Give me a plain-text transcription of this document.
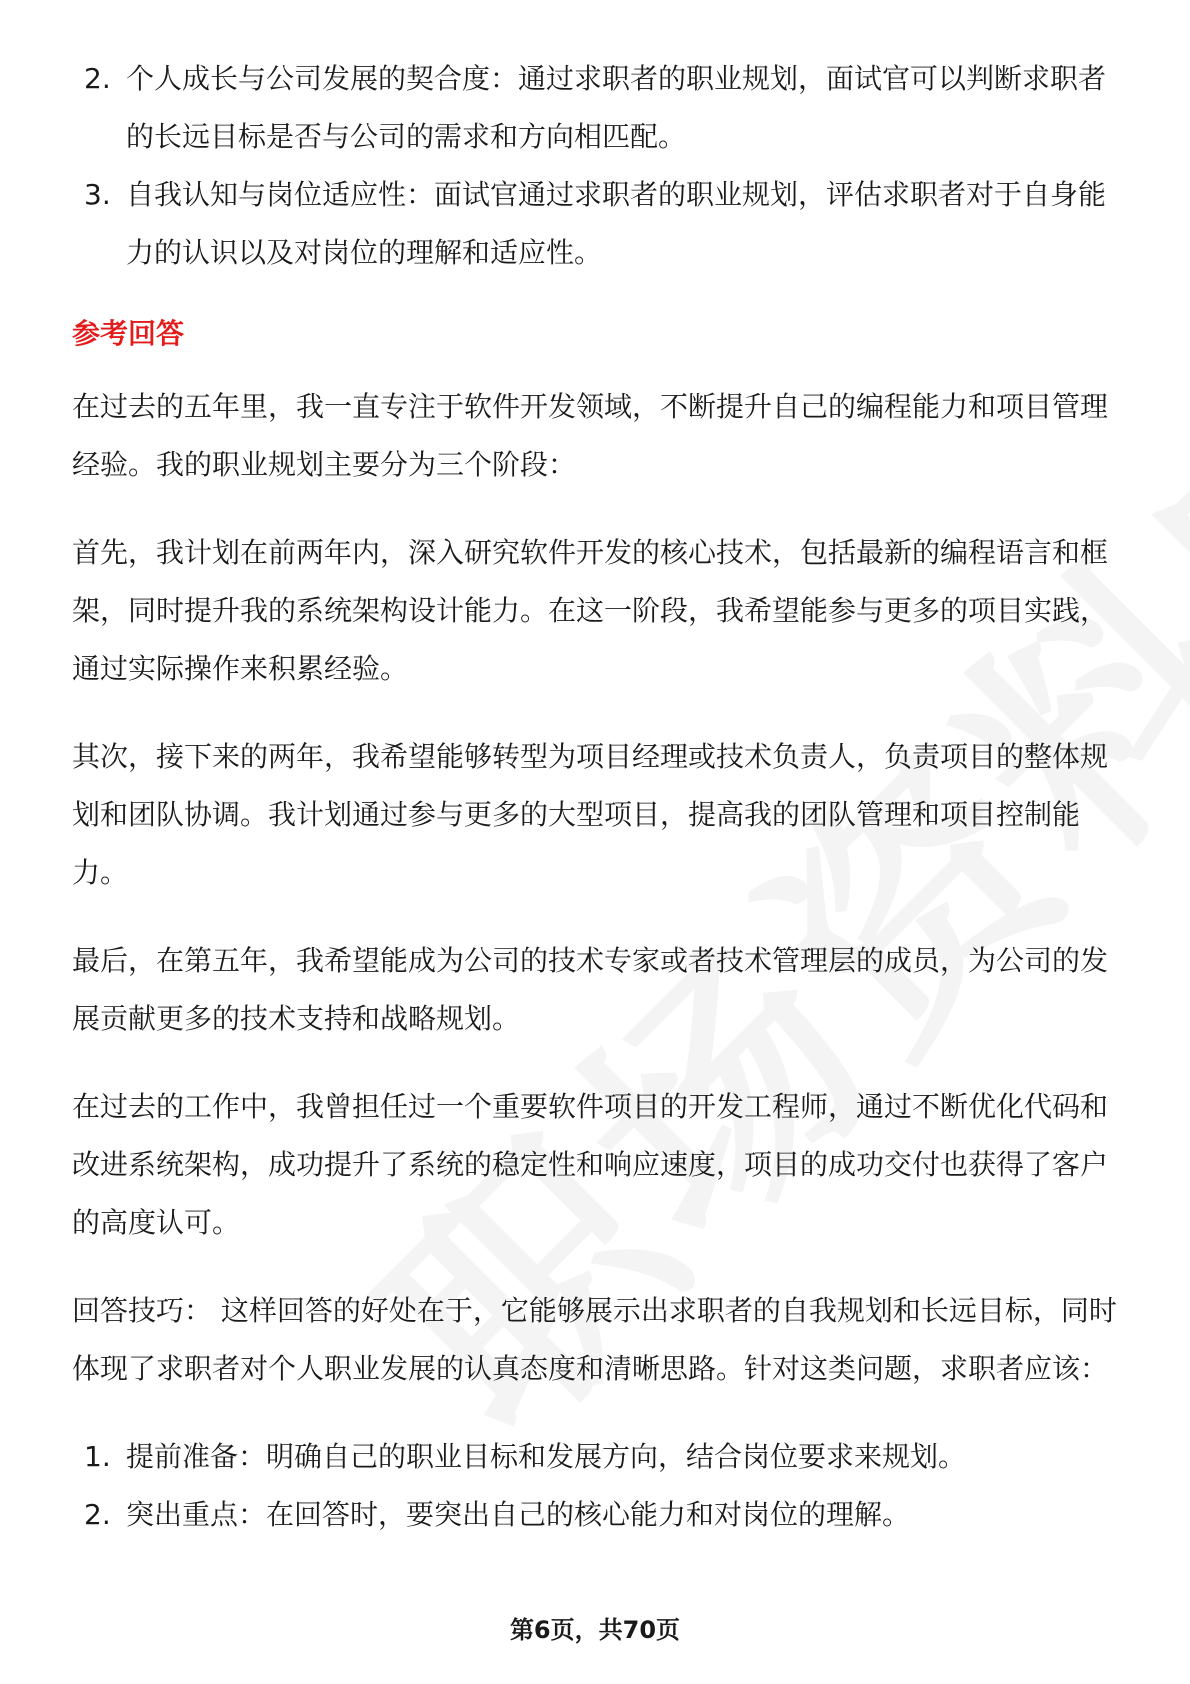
2. 个人成长与公司发展的契合度：通过求职者的职业规划，面试官可以判断求职者的长远目标是否与公司的需求和方向相匹配。
3. 自我认知与岗位适应性：面试官通过求职者的职业规划，评估求职者对于自身能力的认识以及对岗位的理解和适应性。
参考回答

在过去的五年里，我一直专注于软件开发领域，不断提升自己的编程能力和项目管理经验。我的职业规划主要分为三个阶段：

首先，我计划在前两年内，深入研究软件开发的核心技术，包括最新的编程语言和框架，同时提升我的系统架构设计能力。在这一阶段，我希望能参与更多的项目实践，通过实际操作来积累经验。

其次，接下来的两年，我希望能够转型为项目经理或技术负责人，负责项目的整体规划和团队协调。我计划通过参与更多的大型项目，提高我的团队管理和项目控制能力。

最后，在第五年，我希望能成为公司的技术专家或者技术管理层的成员，为公司的发展贡献更多的技术支持和战略规划。

在过去的工作中，我曾担任过一个重要软件项目的开发工程师，通过不断优化代码和改进系统架构，成功提升了系统的稳定性和响应速度，项目的成功交付也获得了客户的高度认可。

回答技巧： 这样回答的好处在于，它能够展示出求职者的自我规划和长远目标，同时体现了求职者对个人职业发展的认真态度和清晰思路。针对这类问题，求职者应该：

1. 提前准备：明确自己的职业目标和发展方向，结合岗位要求来规划。
2. 突出重点：在回答时，要突出自己的核心能力和对岗位的理解。
第6页，共70页
